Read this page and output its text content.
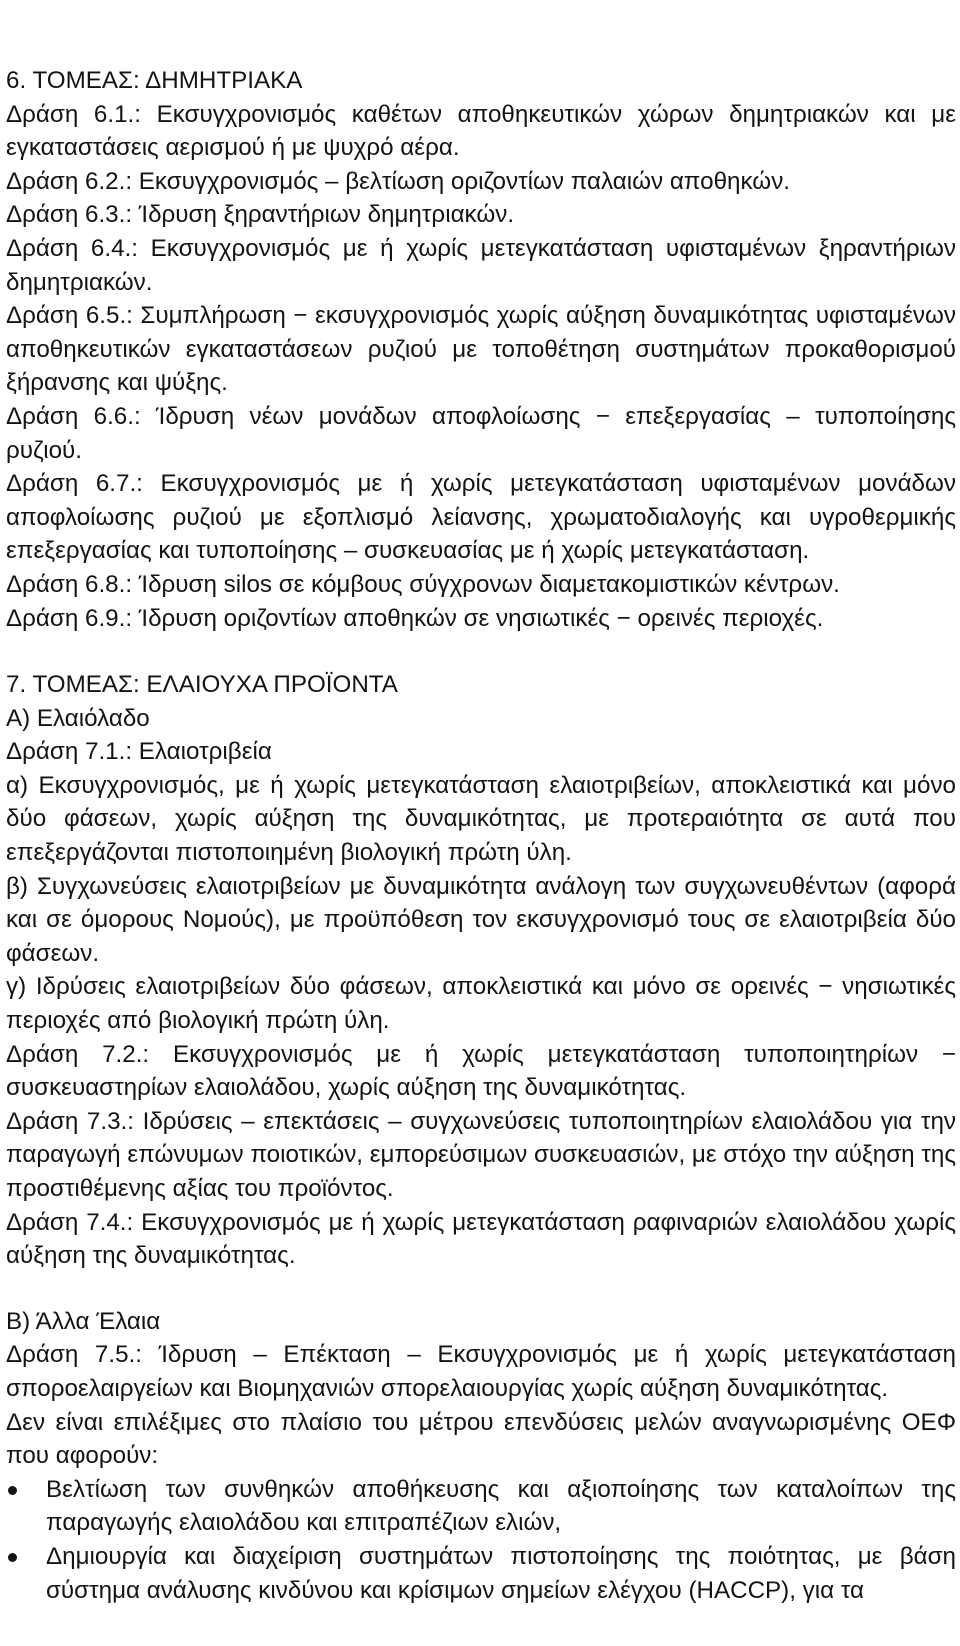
6. ΤΟΜΕΑΣ: ΔΗΜΗΤΡΙΑΚΑ

Δράση 6.1.: Εκσυγχρονισμός καθέτων αποθηκευτικών χώρων δημητριακών και με εγκαταστάσεις αερισμού ή με ψυχρό αέρα.

Δράση 6.2.: Εκσυγχρονισμός – βελτίωση οριζοντίων παλαιών αποθηκών.

Δράση 6.3.: Ίδρυση ξηραντήριων δημητριακών.

Δράση 6.4.: Εκσυγχρονισμός με ή χωρίς μετεγκατάσταση υφισταμένων ξηραντήριων δημητριακών.

Δράση 6.5.: Συμπλήρωση − εκσυγχρονισμός χωρίς αύξηση δυναμικότητας υφισταμένων αποθηκευτικών εγκαταστάσεων ρυζιού με τοποθέτηση συστημάτων προκαθορισμού ξήρανσης και ψύξης.

Δράση 6.6.: Ίδρυση νέων μονάδων αποφλοίωσης − επεξεργασίας – τυποποίησης ρυζιού.

Δράση 6.7.: Εκσυγχρονισμός με ή χωρίς μετεγκατάσταση υφισταμένων μονάδων αποφλοίωσης ρυζιού με εξοπλισμό λείανσης, χρωματοδιαλογής και υγροθερμικής επεξεργασίας και τυποποίησης – συσκευασίας με ή χωρίς μετεγκατάσταση.

Δράση 6.8.: Ίδρυση silos σε κόμβους σύγχρονων διαμετακομιστικών κέντρων.

Δράση 6.9.: Ίδρυση οριζοντίων αποθηκών σε νησιωτικές − ορεινές περιοχές.

7. ΤΟΜΕΑΣ: ΕΛΑΙΟΥΧΑ ΠΡΟΪΟΝΤΑ

Α) Ελαιόλαδο

Δράση 7.1.: Ελαιοτριβεία

α) Εκσυγχρονισμός, με ή χωρίς μετεγκατάσταση ελαιοτριβείων, αποκλειστικά και μόνο δύο φάσεων, χωρίς αύξηση της δυναμικότητας, με προτεραιότητα σε αυτά που επεξεργάζονται πιστοποιημένη βιολογική πρώτη ύλη.

β) Συγχωνεύσεις ελαιοτριβείων με δυναμικότητα ανάλογη των συγχωνευθέντων (αφορά και σε όμορους Νομούς), με προϋπόθεση τον εκσυγχρονισμό τους σε ελαιοτριβεία δύο φάσεων.

γ) Ιδρύσεις ελαιοτριβείων δύο φάσεων, αποκλειστικά και μόνο σε ορεινές − νησιωτικές περιοχές από βιολογική πρώτη ύλη.

Δράση 7.2.: Εκσυγχρονισμός με ή χωρίς μετεγκατάσταση τυποποιητηρίων − συσκευαστηρίων ελαιολάδου, χωρίς αύξηση της δυναμικότητας.

Δράση 7.3.: Ιδρύσεις – επεκτάσεις – συγχωνεύσεις τυποποιητηρίων ελαιολάδου για την παραγωγή επώνυμων ποιοτικών, εμπορεύσιμων συσκευασιών, με στόχο την αύξηση της προστιθέμενης αξίας του προϊόντος.

Δράση 7.4.: Εκσυγχρονισμός με ή χωρίς μετεγκατάσταση ραφιναριών ελαιολάδου χωρίς αύξηση της δυναμικότητας.

Β) Άλλα Έλαια

Δράση 7.5.: Ίδρυση – Επέκταση – Εκσυγχρονισμός με ή χωρίς μετεγκατάσταση σποροελαιργείων και Βιομηχανιών σπορελαιουργίας χωρίς αύξηση δυναμικότητας.

Δεν είναι επιλέξιμες στο πλαίσιο του μέτρου επενδύσεις μελών αναγνωρισμένης ΟΕΦ που αφορούν:

Βελτίωση των συνθηκών αποθήκευσης και αξιοποίησης των καταλοίπων της παραγωγής ελαιολάδου και επιτραπέζιων ελιών,
Δημιουργία και διαχείριση συστημάτων πιστοποίησης της ποιότητας, με βάση σύστημα ανάλυσης κινδύνου και κρίσιμων σημείων ελέγχου (HACCP), για τα
